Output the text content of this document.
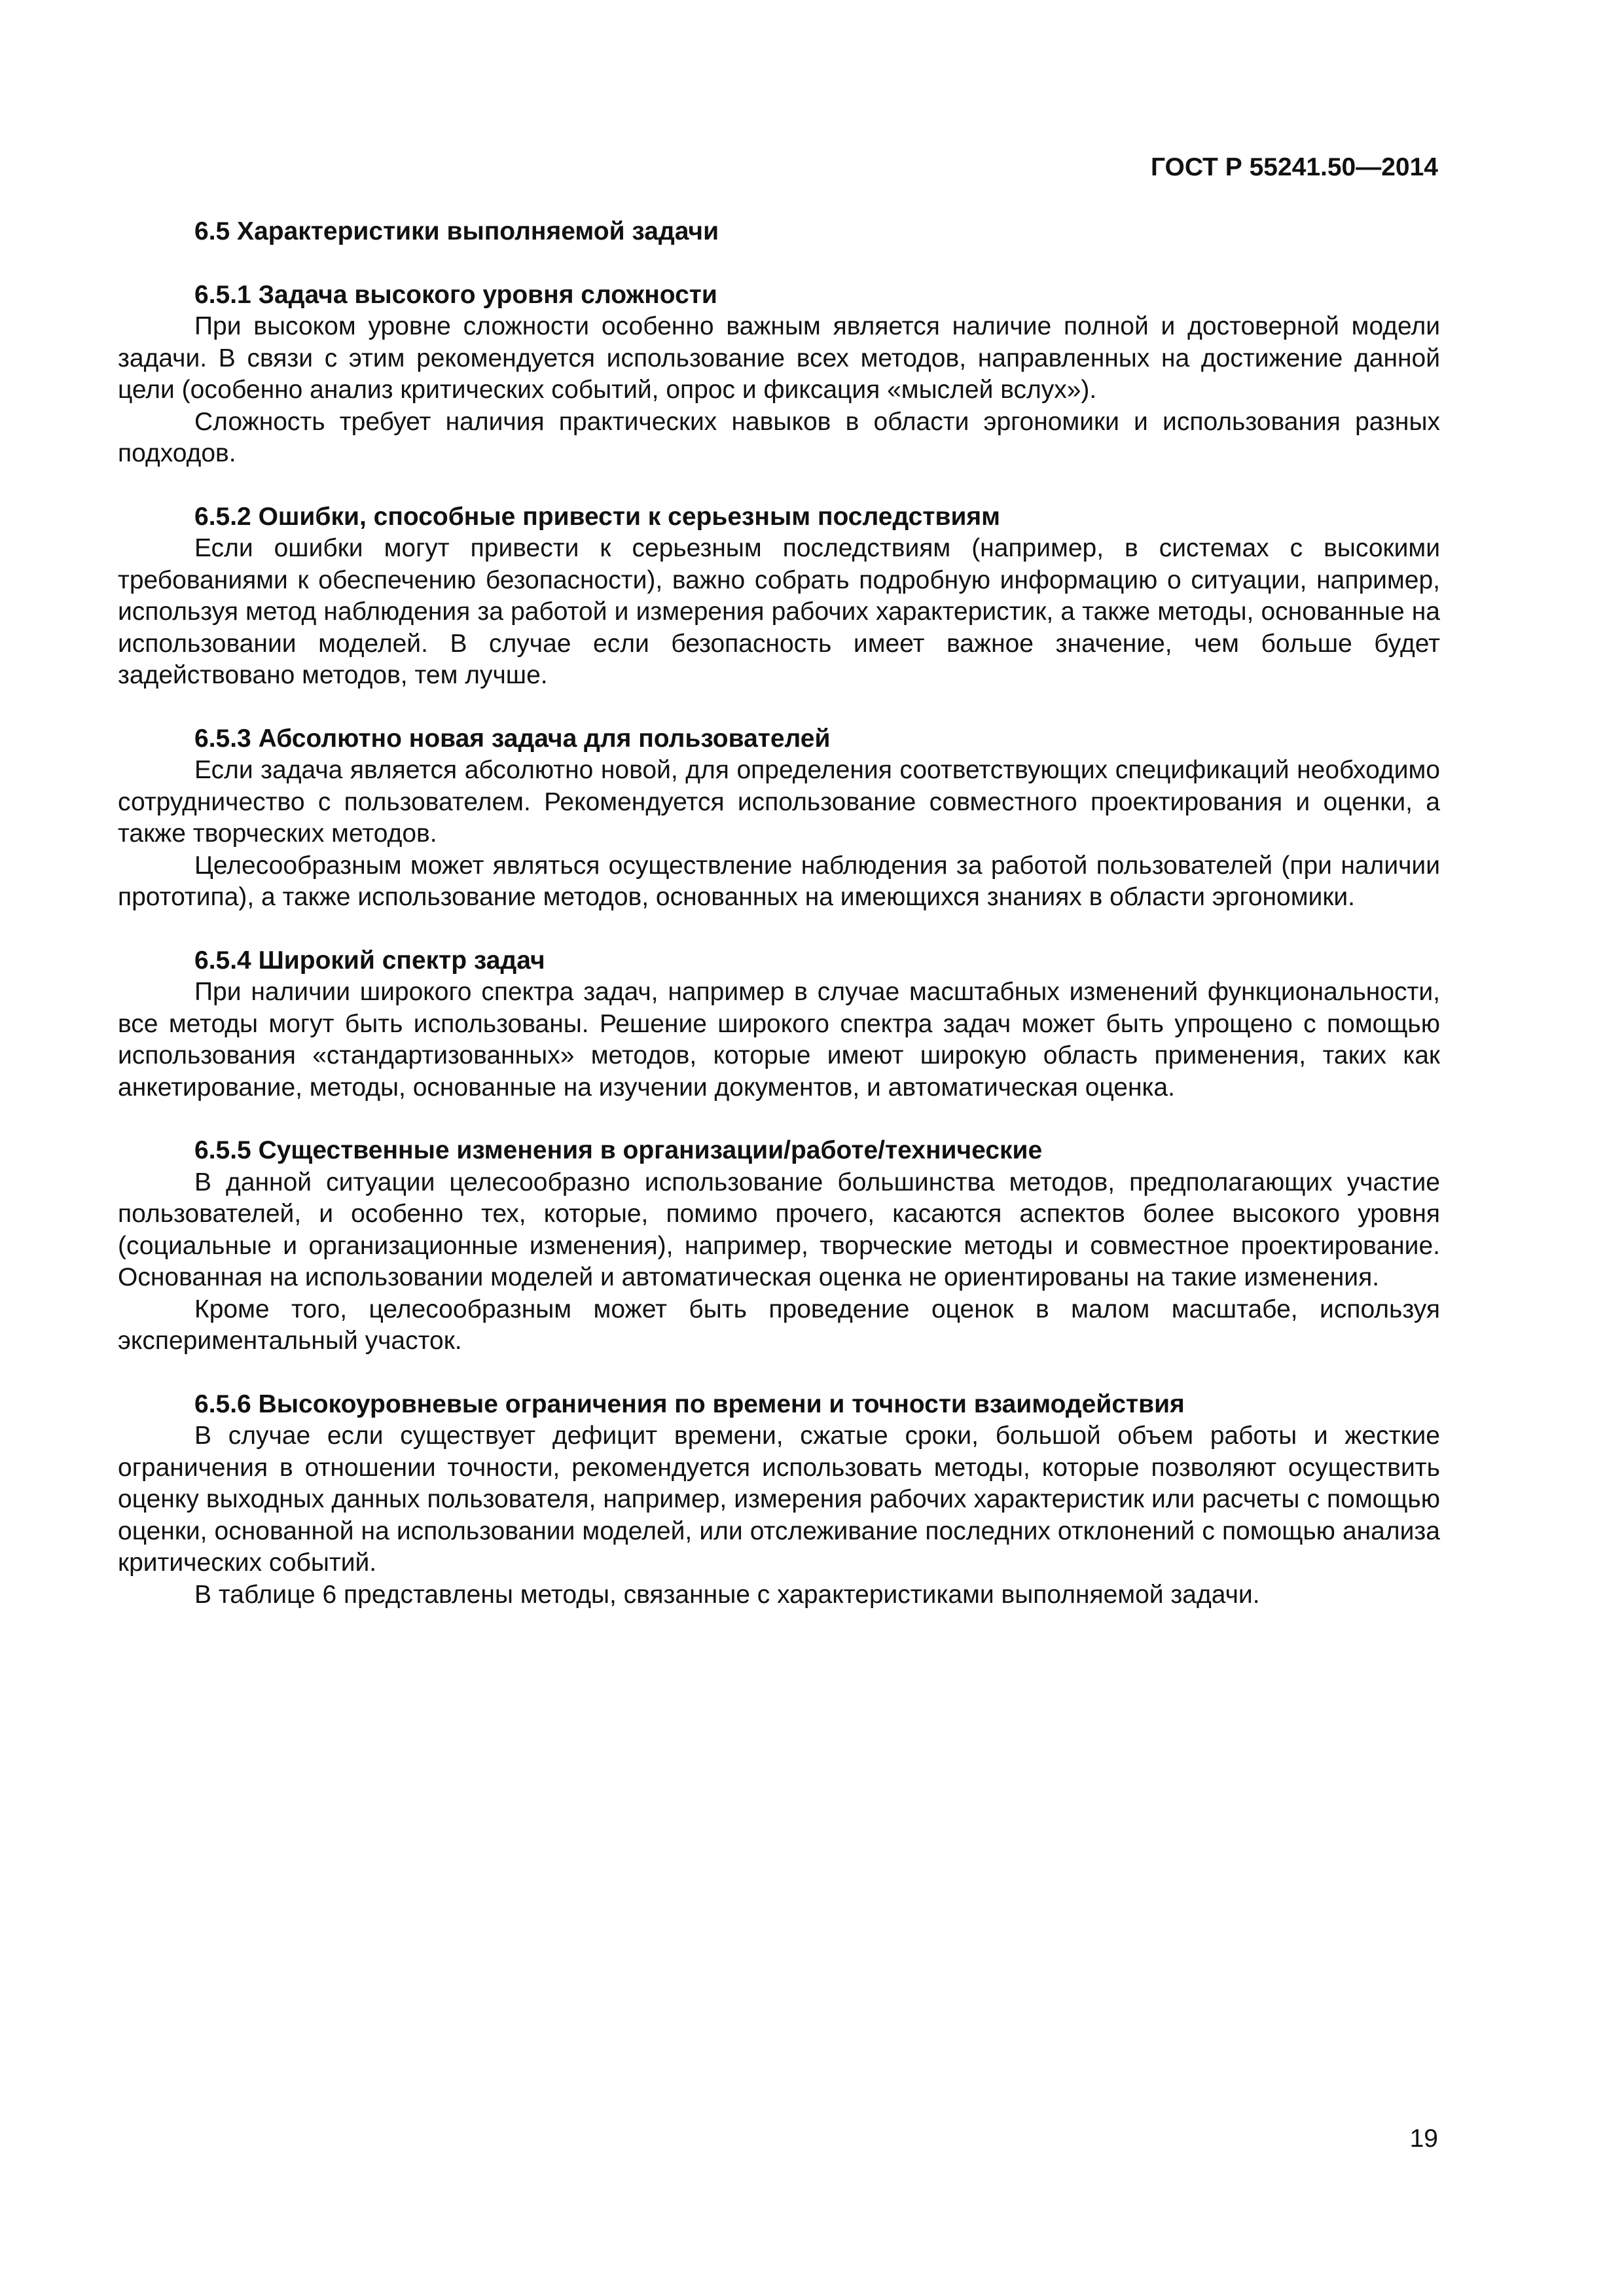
ГОСТ Р 55241.50—2014

6.5 Характеристики выполняемой задачи

6.5.1 Задача высокого уровня сложности

При высоком уровне сложности особенно важным является наличие полной и достоверной модели задачи. В связи с этим рекомендуется использование всех методов, направленных на достижение данной цели (особенно анализ критических событий, опрос и фиксация «мыслей вслух»).

Сложность требует наличия практических навыков в области эргономики и использования разных подходов.

6.5.2 Ошибки, способные привести к серьезным последствиям

Если ошибки могут привести к серьезным последствиям (например, в системах с высокими требованиями к обеспечению безопасности), важно собрать подробную информацию о ситуации, например, используя метод наблюдения за работой и измерения рабочих характеристик, а также методы, основанные на использовании моделей. В случае если безопасность имеет важное значение, чем больше будет задействовано методов, тем лучше.

6.5.3 Абсолютно новая задача для пользователей

Если задача является абсолютно новой, для определения соответствующих спецификаций необходимо сотрудничество с пользователем. Рекомендуется использование совместного проектирования и оценки, а также творческих методов.

Целесообразным может являться осуществление наблюдения за работой пользователей (при наличии прототипа), а также использование методов, основанных на имеющихся знаниях в области эргономики.

6.5.4 Широкий спектр задач

При наличии широкого спектра задач, например в случае масштабных изменений функциональности, все методы могут быть использованы. Решение широкого спектра задач может быть упрощено с помощью использования «стандартизованных» методов, которые имеют широкую область применения, таких как анкетирование, методы, основанные на изучении документов, и автоматическая оценка.

6.5.5 Существенные изменения в организации/работе/технические

В данной ситуации целесообразно использование большинства методов, предполагающих участие пользователей, и особенно тех, которые, помимо прочего, касаются аспектов более высокого уровня (социальные и организационные изменения), например, творческие методы и совместное проектирование. Основанная на использовании моделей и автоматическая оценка не ориентированы на такие изменения.

Кроме того, целесообразным может быть проведение оценок в малом масштабе, используя экспериментальный участок.

6.5.6 Высокоуровневые ограничения по времени и точности взаимодействия

В случае если существует дефицит времени, сжатые сроки, большой объем работы и жесткие ограничения в отношении точности, рекомендуется использовать методы, которые позволяют осуществить оценку выходных данных пользователя, например, измерения рабочих характеристик или расчеты с помощью оценки, основанной на использовании моделей, или отслеживание последних отклонений с помощью анализа критических событий.

В таблице 6 представлены методы, связанные с характеристиками выполняемой задачи.

19
